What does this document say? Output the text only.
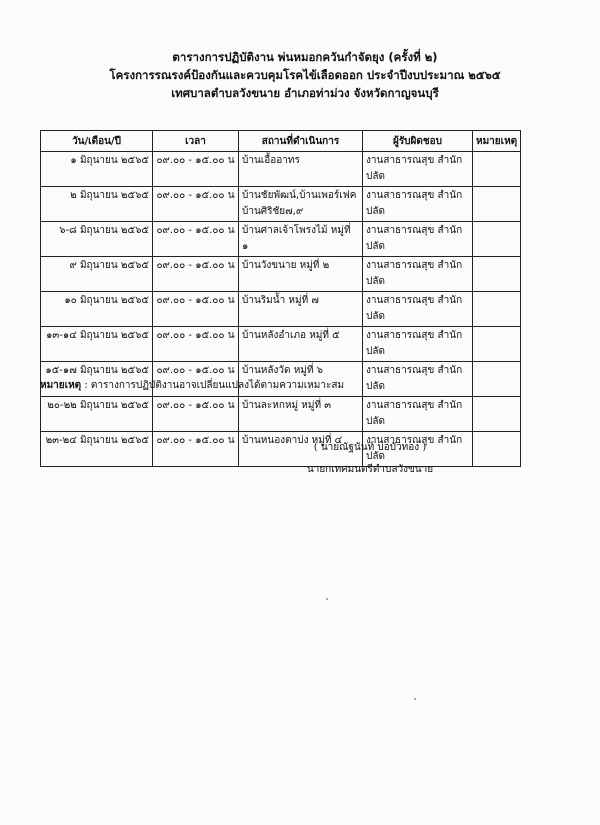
ตารางการปฏิบัติงาน พ่นหมอกควันกำจัดยุง (ครั้งที่ ๒)
โครงการรณรงค์ป้องกันและควบคุมโรคไข้เลือดออก ประจำปีงบประมาณ ๒๕๖๕
เทศบาลตำบลวังขนาย อำเภอท่าม่วง จังหวัดกาญจนบุรี
วัน/เดือน/ปี	เวลา	สถานที่ดำเนินการ	ผู้รับผิดชอบ	หมายเหตุ
๑ มิถุนายน ๒๕๖๕	๐๙.๐๐ - ๑๕.๐๐ น	บ้านเอื้ออาทร	งานสาธารณสุข สำนักปลัด	
๒ มิถุนายน ๒๕๖๕	๐๙.๐๐ - ๑๕.๐๐ น	บ้านชัยพัฒน์,บ้านเพอร์เฟค
บ้านศิริชัย๗,๙	งานสาธารณสุข สำนักปลัด	
๖-๘ มิถุนายน ๒๕๖๕	๐๙.๐๐ - ๑๕.๐๐ น	บ้านศาลเจ้าโพรงไม้ หมู่ที่ ๑	งานสาธารณสุข สำนักปลัด	
๙ มิถุนายน ๒๕๖๕	๐๙.๐๐ - ๑๕.๐๐ น	บ้านวังขนาย หมู่ที่ ๒	งานสาธารณสุข สำนักปลัด	
๑๐ มิถุนายน ๒๕๖๕	๐๙.๐๐ - ๑๕.๐๐ น	บ้านริมน้ำ หมู่ที่ ๗	งานสาธารณสุข สำนักปลัด	
๑๓-๑๔ มิถุนายน ๒๕๖๕	๐๙.๐๐ - ๑๕.๐๐ น	บ้านหลังอำเภอ หมู่ที่ ๕	งานสาธารณสุข สำนักปลัด	
๑๕-๑๗ มิถุนายน ๒๕๖๕	๐๙.๐๐ - ๑๕.๐๐ น	บ้านหลังวัด หมู่ที่ ๖	งานสาธารณสุข สำนักปลัด	
๒๐-๒๒ มิถุนายน ๒๕๖๕	๐๙.๐๐ - ๑๕.๐๐ น	บ้านละหกหมู่ หมู่ที่ ๓	งานสาธารณสุข สำนักปลัด	
๒๓-๒๔ มิถุนายน ๒๕๖๕	๐๙.๐๐ - ๑๕.๐๐ น	บ้านหนองตาบ่ง หมู่ที่ ๔	งานสาธารณสุข สำนักปลัด	
หมายเหตุ : ตารางการปฏิบัติงานอาจเปลี่ยนแปลงได้ตามความเหมาะสม
( นายณัฐนันท์ บ่อบัวทอง )
นายกเทศมนตรีตำบลวังขนาย
